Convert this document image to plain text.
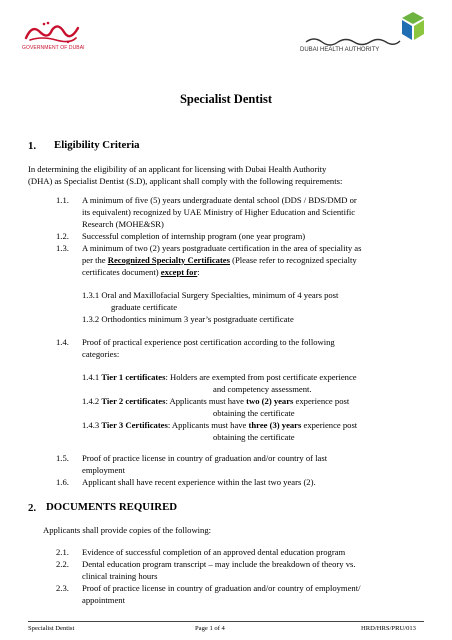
GOVERNMENT OF DUBAI	DUBAI HEALTH AUTHORITY
Specialist Dentist
1. Eligibility Criteria
In determining the eligibility of an applicant for licensing with Dubai Health Authority
(DHA) as Specialist Dentist (S.D), applicant shall comply with the following requirements:
1.1. A minimum of five (5) years undergraduate dental school (DDS / BDS/DMD or
its equivalent) recognized by UAE Ministry of Higher Education and Scientific
Research (MOHE&SR)
1.2. Successful completion of internship program (one year program)
1.3. A minimum of two (2) years postgraduate certification in the area of speciality as
per the Recognized Specialty Certificates (Please refer to recognized specialty
certificates document) except for:
1.3.1 Oral and Maxillofacial Surgery Specialties, minimum of 4 years post
graduate certificate
1.3.2 Orthodontics minimum 3 year’s postgraduate certificate
1.4. Proof of practical experience post certification according to the following
categories:
1.4.1 Tier 1 certificates: Holders are exempted from post certificate experience
and competency assessment.
1.4.2 Tier 2 certificates: Applicants must have two (2) years experience post
obtaining the certificate
1.4.3 Tier 3 Certificates: Applicants must have three (3) years experience post
obtaining the certificate
1.5. Proof of practice license in country of graduation and/or country of last
employment
1.6. Applicant shall have recent experience within the last two years (2).
2. DOCUMENTS REQUIRED
Applicants shall provide copies of the following:
2.1. Evidence of successful completion of an approved dental education program
2.2. Dental education program transcript – may include the breakdown of theory vs.
clinical training hours
2.3. Proof of practice license in country of graduation and/or country of employment/
appointment
Specialist Dentist	Page 1 of 4	HRD/HRS/PRU/013
